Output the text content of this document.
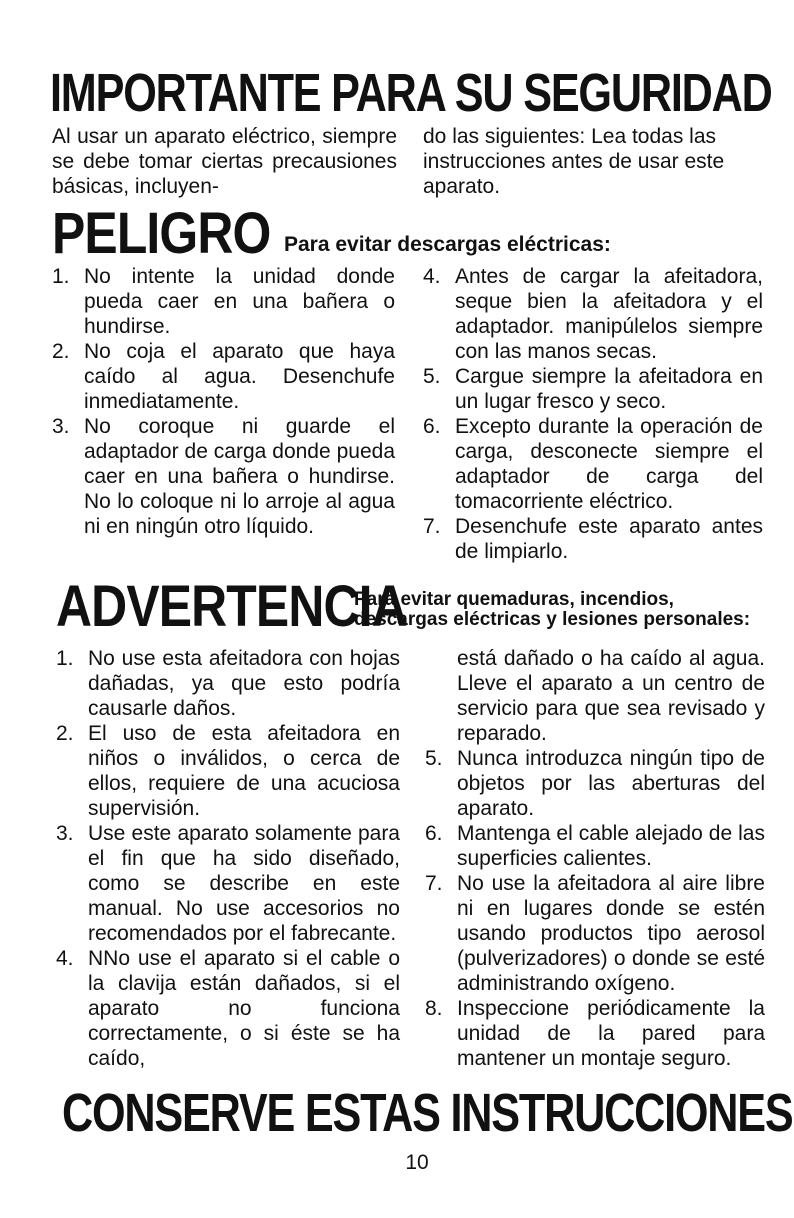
IMPORTANTE PARA SU SEGURIDAD

Al usar un aparato eléctrico, siempre se debe tomar ciertas precausiones básicas, incluyen-

do las siguientes: Lea todas las instrucciones antes de usar este aparato.

PELIGRO Para evitar descargas eléctricas:
1. No intente la unidad donde pueda caer en una bañera o hundirse.
2. No coja el aparato que haya caído al agua. Desenchufe inmediatamente.
3. No coroque ni guarde el adaptador de carga donde pueda caer en una bañera o hundirse. No lo coloque ni lo arroje al agua ni en ningún otro líquido.
4. Antes de cargar la afeitadora, seque bien la afeitadora y el adaptador. manipúlelos siempre con las manos secas.
5. Cargue siempre la afeitadora en un lugar fresco y seco.
6. Excepto durante la operación de carga, desconecte siempre el adaptador de carga del tomacorriente eléctrico.
7. Desenchufe este aparato antes de limpiarlo.
ADVERTENCIA
Para evitar quemaduras, incendios,
descargas eléctricas y lesiones personales:
1. No use esta afeitadora con hojas dañadas, ya que esto podría causarle daños.
2. El uso de esta afeitadora en niños o inválidos, o cerca de ellos, requiere de una acuciosa supervisión.
3. Use este aparato solamente para el fin que ha sido diseñado, como se describe en este manual. No use accesorios no recomendados por el fabrecante.
4. NNo use el aparato si el cable o la clavija están dañados, si el aparato no funciona correctamente, o si éste se ha caído,

está dañado o ha caído al agua. Lleve el aparato a un centro de servicio para que sea revisado y reparado.

5. Nunca introduzca ningún tipo de objetos por las aberturas del aparato.
6. Mantenga el cable alejado de las superficies calientes.
7. No use la afeitadora al aire libre ni en lugares donde se estén usando productos tipo aerosol (pulverizadores) o donde se esté administrando oxígeno.
8. Inspeccione periódicamente la unidad de la pared para mantener un montaje seguro.
CONSERVE ESTAS INSTRUCCIONES
10
